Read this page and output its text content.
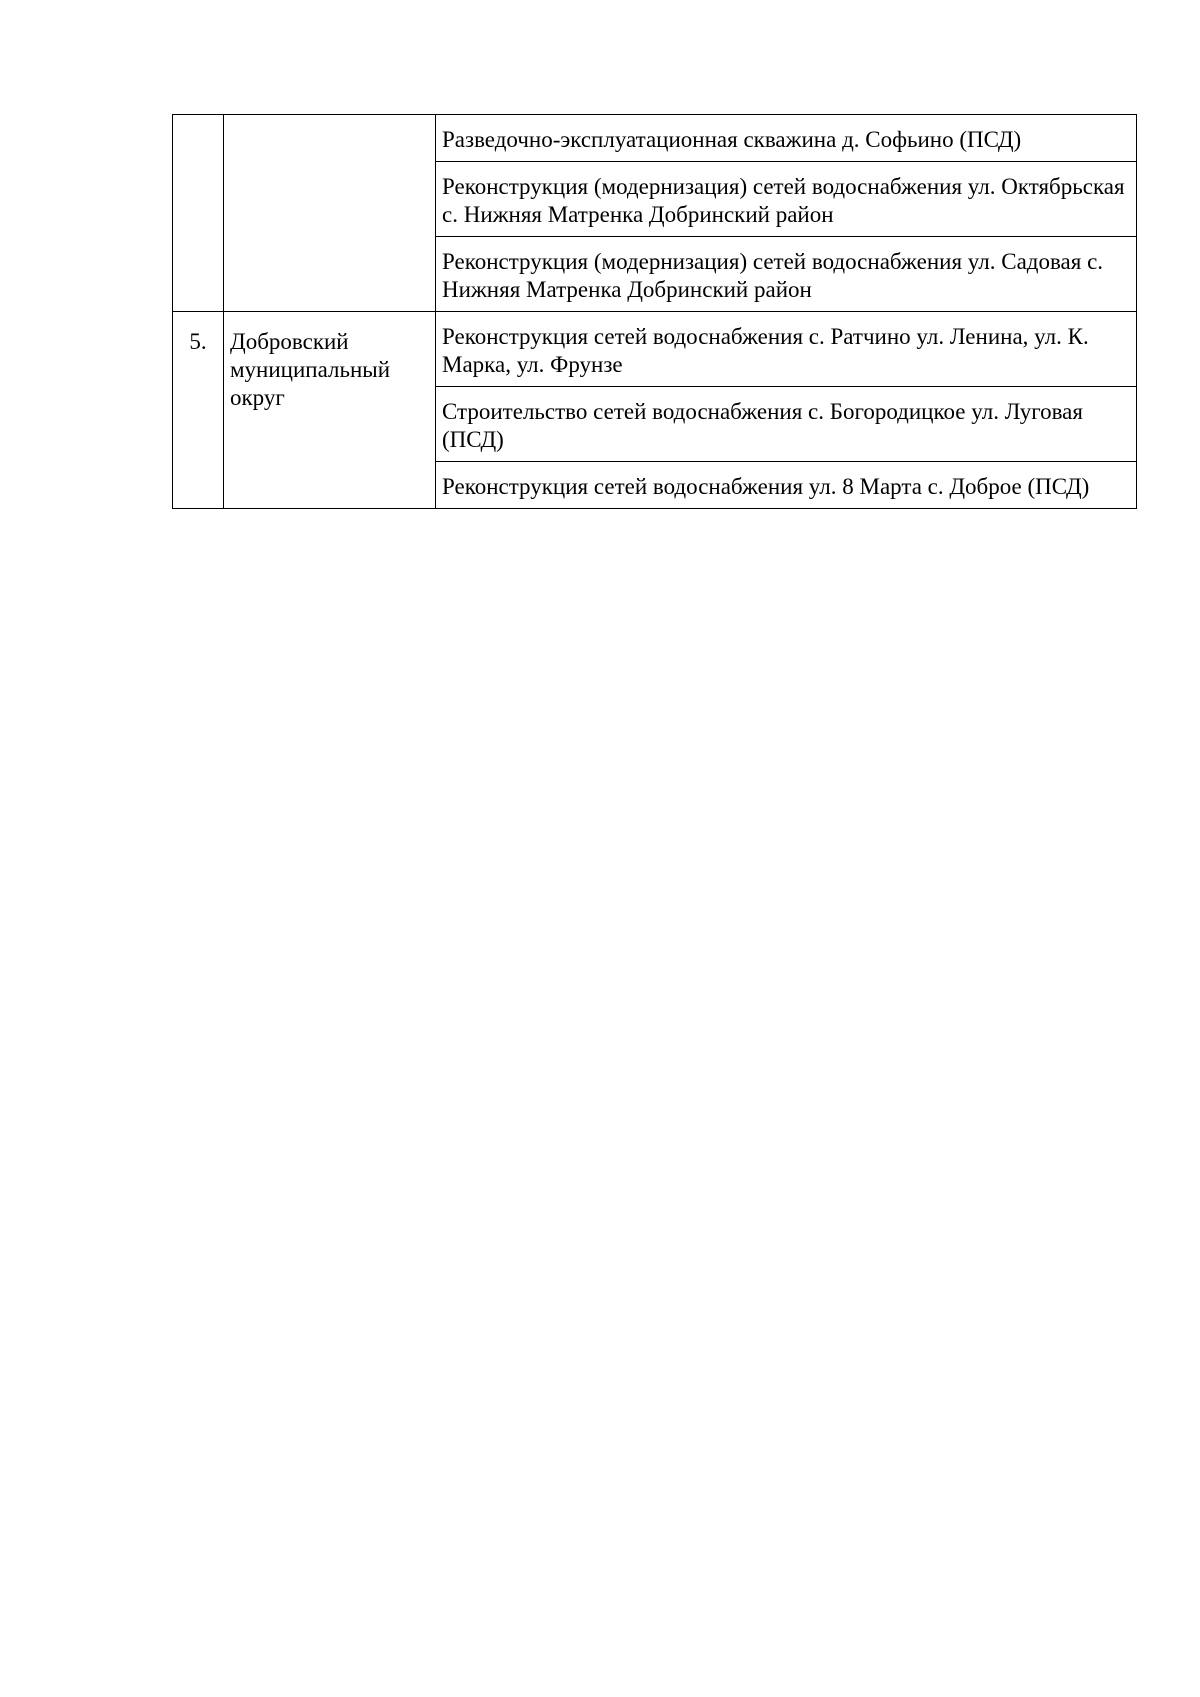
		Разведочно-эксплуатационная скважина д. Софьино (ПСД)
		Реконструкция (модернизация) сетей водоснабжения ул. Октябрьская с. Нижняя Матренка Добринский район
		Реконструкция (модернизация) сетей водоснабжения ул. Садовая с. Нижняя Матренка Добринский район
5.	Добровский муниципальный округ	Реконструкция сетей водоснабжения с. Ратчино ул. Ленина, ул. К. Марка, ул. Фрунзе
		Строительство сетей водоснабжения с. Богородицкое ул. Луговая (ПСД)
		Реконструкция сетей водоснабжения ул. 8 Марта с. Доброе (ПСД)
